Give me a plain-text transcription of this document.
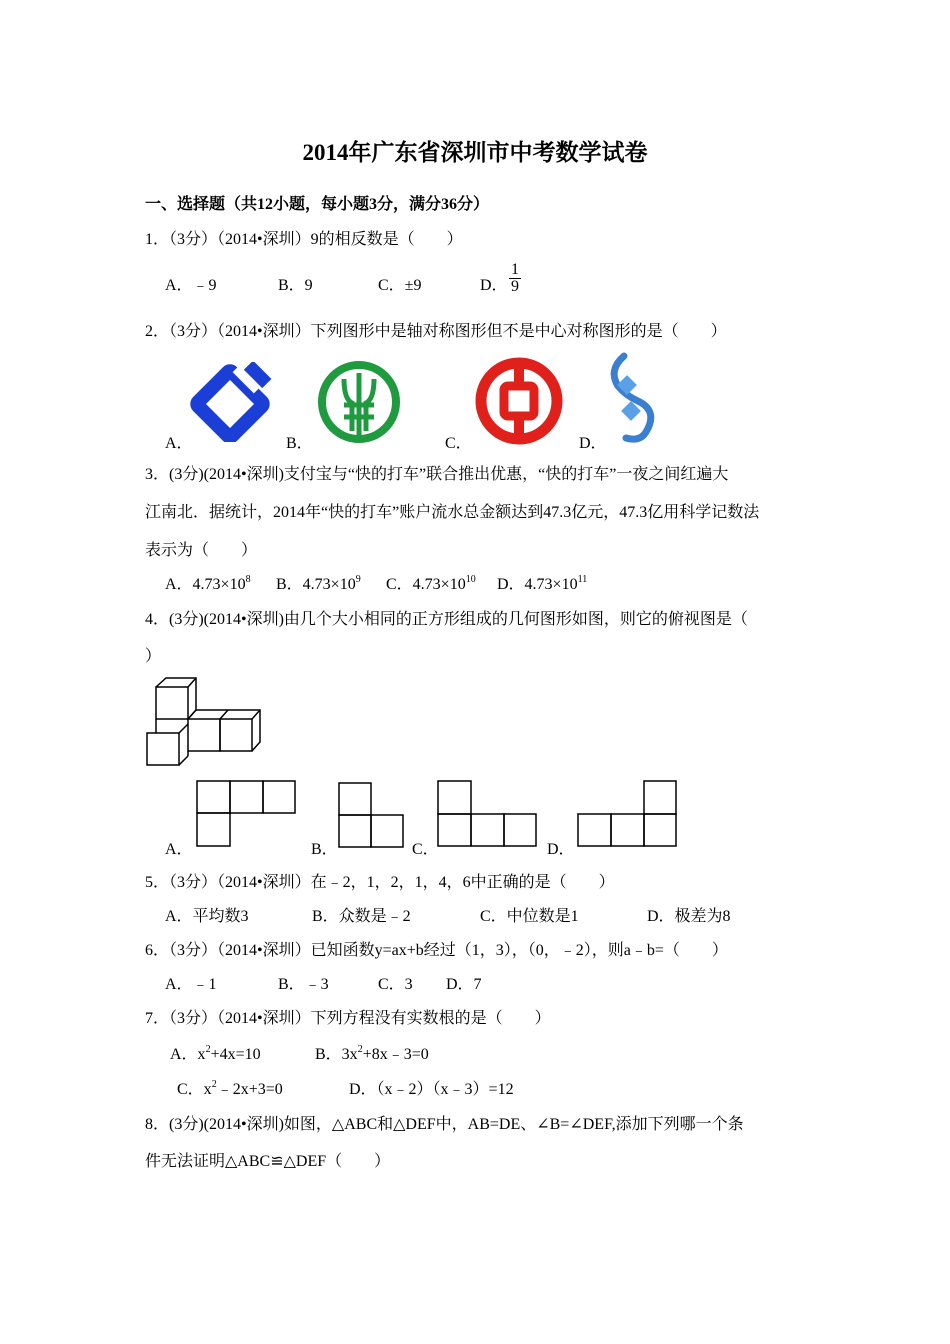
2014年广东省深圳市中考数学试卷
一、选择题（共12小题，每小题3分，满分36分）
1．（3分）（2014•深圳）9的相反数是（　　）
A．﹣9	B．9	C．±9	D． $\frac{1}{9}$
2．（3分）（2014•深圳）下列图形中是轴对称图形但不是中心对称图形的是（　　）
A．	B．	C．	D．
3．(3分)(2014•深圳)支付宝与“快的打车”联合推出优惠，“快的打车”一夜之间红遍大
江南北．据统计，2014年“快的打车”账户流水总金额达到47.3亿元，47.3亿用科学记数法
表示为（　　）
A．$4.73\times 10^8$ B．$4.73\times 10^9$ C．$4.73\times 10^{10}$ D．$4.73\times 10^{11}$
4．(3分)(2014•深圳)由几个大小相同的正方形组成的几何图形如图，则它的俯视图是（
）
A．	B．	C．	D．
5．（3分）（2014•深圳）在﹣2，1，2，1，4，6中正确的是（　　）
A．平均数3	B．众数是﹣2	C．中位数是1	D．极差为8
6．（3分）（2014•深圳）已知函数y=ax+b经过（1，3），（0，﹣2），则a﹣b=（　　）
A．﹣1	B．﹣3	C．3 D．7
7．（3分）（2014•深圳）下列方程没有实数根的是（　　）
A．$x^2+4x=10$	B．$3x^2+8x﹣3=0$
C．$x^2﹣2x+3=0$	D．（x﹣2）（x﹣3）=12
8．(3分)(2014•深圳)如图，△ABC和△DEF中，AB=DE、∠B=∠DEF,添加下列哪一个条
件无法证明△ABC≌△DEF（　　）
